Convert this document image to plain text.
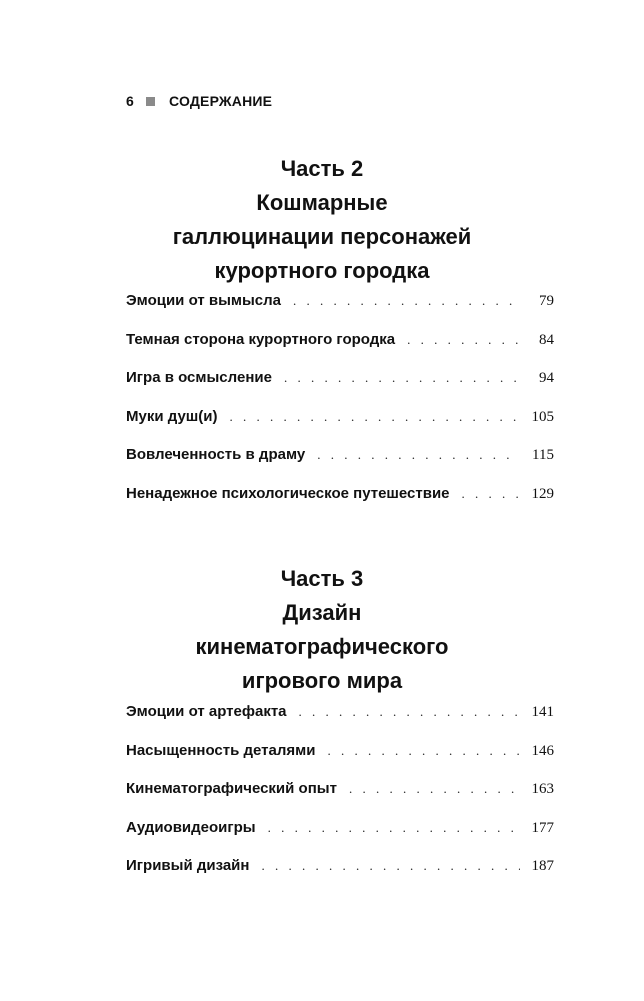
6	СОДЕРЖАНИЕ
Часть 2
Кошмарные
галлюцинации персонажей
курортного городка
Эмоции от вымысла . . .	79
Темная сторона курортного городка . . .	84
Игра в осмысление . . .	94
Муки душ(и) . . .	105
Вовлеченность в драму . . .	115
Ненадежное психологическое путешествие . . .	129
Часть 3
Дизайн
кинематографического
игрового мира
Эмоции от артефакта . . .	141
Насыщенность деталями . . .	146
Кинематографический опыт . . .	163
Аудиовидеоигры . . .	177
Игривый дизайн . . .	187
